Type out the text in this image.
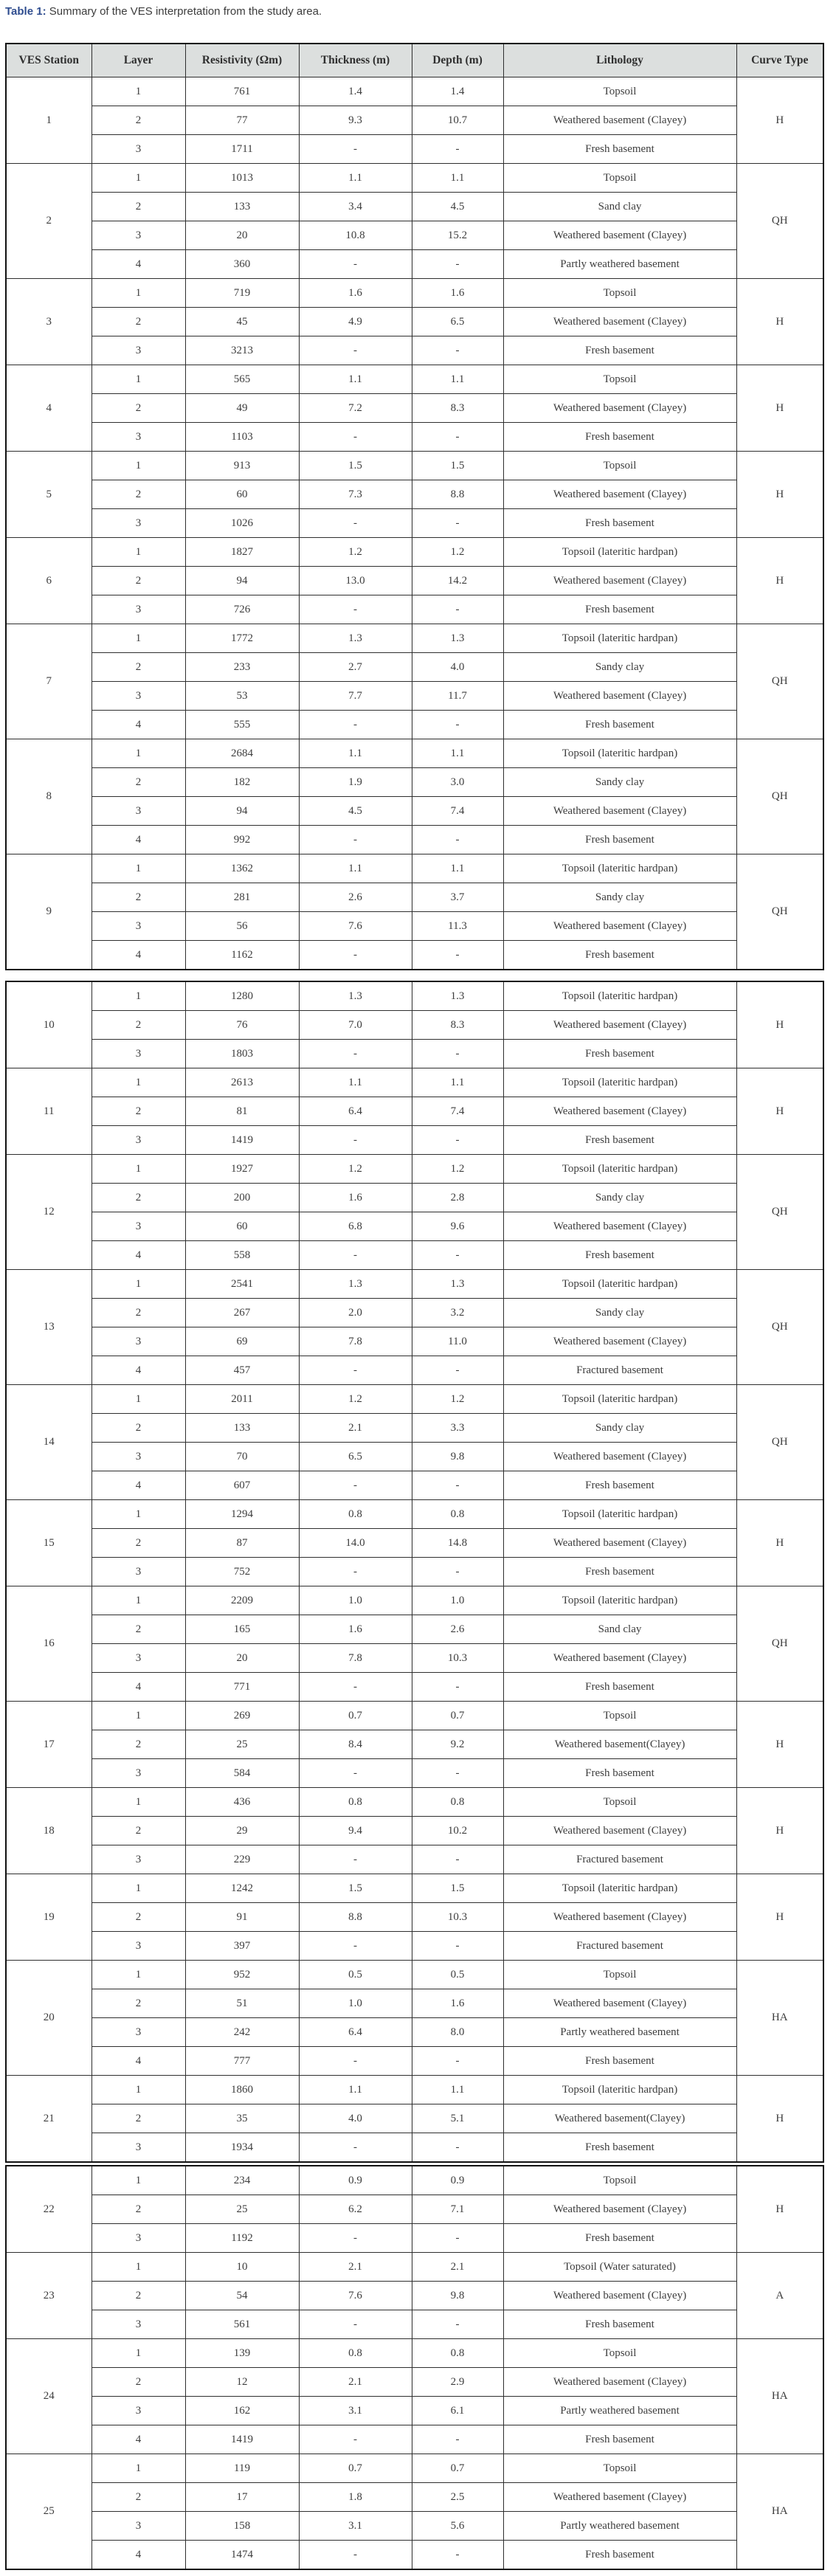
Table 1: Summary of the VES interpretation from the study area.

VES Station	Layer	Resistivity (Ωm)	Thickness (m)	Depth (m)	Lithology	Curve Type
1	1	761	1.4	1.4	Topsoil	H
	2	77	9.3	10.7	Weathered basement (Clayey)	
	3	1711	-	-	Fresh basement	
2	1	1013	1.1	1.1	Topsoil	QH
	2	133	3.4	4.5	Sand clay	
	3	20	10.8	15.2	Weathered basement (Clayey)	
	4	360	-	-	Partly weathered basement	
3	1	719	1.6	1.6	Topsoil	H
	2	45	4.9	6.5	Weathered basement (Clayey)	
	3	3213	-	-	Fresh basement	
4	1	565	1.1	1.1	Topsoil	H
	2	49	7.2	8.3	Weathered basement (Clayey)	
	3	1103	-	-	Fresh basement	
5	1	913	1.5	1.5	Topsoil	H
	2	60	7.3	8.8	Weathered basement (Clayey)	
	3	1026	-	-	Fresh basement	
6	1	1827	1.2	1.2	Topsoil (lateritic hardpan)	H
	2	94	13.0	14.2	Weathered basement (Clayey)	
	3	726	-	-	Fresh basement	
7	1	1772	1.3	1.3	Topsoil (lateritic hardpan)	QH
	2	233	2.7	4.0	Sandy clay	
	3	53	7.7	11.7	Weathered basement (Clayey)	
	4	555	-	-	Fresh basement	
8	1	2684	1.1	1.1	Topsoil (lateritic hardpan)	QH
	2	182	1.9	3.0	Sandy clay	
	3	94	4.5	7.4	Weathered basement (Clayey)	
	4	992	-	-	Fresh basement	
9	1	1362	1.1	1.1	Topsoil (lateritic hardpan)	QH
	2	281	2.6	3.7	Sandy clay	
	3	56	7.6	11.3	Weathered basement (Clayey)	
	4	1162	-	-	Fresh basement	
10	1	1280	1.3	1.3	Topsoil (lateritic hardpan)	H
	2	76	7.0	8.3	Weathered basement (Clayey)	
	3	1803	-	-	Fresh basement	
11	1	2613	1.1	1.1	Topsoil (lateritic hardpan)	H
	2	81	6.4	7.4	Weathered basement (Clayey)	
	3	1419	-	-	Fresh basement	
12	1	1927	1.2	1.2	Topsoil (lateritic hardpan)	QH
	2	200	1.6	2.8	Sandy clay	
	3	60	6.8	9.6	Weathered basement (Clayey)	
	4	558	-	-	Fresh basement	
13	1	2541	1.3	1.3	Topsoil (lateritic hardpan)	QH
	2	267	2.0	3.2	Sandy clay	
	3	69	7.8	11.0	Weathered basement (Clayey)	
	4	457	-	-	Fractured basement	
14	1	2011	1.2	1.2	Topsoil (lateritic hardpan)	QH
	2	133	2.1	3.3	Sandy clay	
	3	70	6.5	9.8	Weathered basement (Clayey)	
	4	607	-	-	Fresh basement	
15	1	1294	0.8	0.8	Topsoil (lateritic hardpan)	H
	2	87	14.0	14.8	Weathered basement (Clayey)	
	3	752	-	-	Fresh basement	
16	1	2209	1.0	1.0	Topsoil (lateritic hardpan)	QH
	2	165	1.6	2.6	Sand clay	
	3	20	7.8	10.3	Weathered basement (Clayey)	
	4	771	-	-	Fresh basement	
17	1	269	0.7	0.7	Topsoil	H
	2	25	8.4	9.2	Weathered basement(Clayey)	
	3	584	-	-	Fresh basement	
18	1	436	0.8	0.8	Topsoil	H
	2	29	9.4	10.2	Weathered basement (Clayey)	
	3	229	-	-	Fractured basement	
19	1	1242	1.5	1.5	Topsoil (lateritic hardpan)	H
	2	91	8.8	10.3	Weathered basement (Clayey)	
	3	397	-	-	Fractured basement	
20	1	952	0.5	0.5	Topsoil	HA
	2	51	1.0	1.6	Weathered basement (Clayey)	
	3	242	6.4	8.0	Partly weathered basement	
	4	777	-	-	Fresh basement	
21	1	1860	1.1	1.1	Topsoil (lateritic hardpan)	H
	2	35	4.0	5.1	Weathered basement(Clayey)	
	3	1934	-	-	Fresh basement	
22	1	234	0.9	0.9	Topsoil	H
	2	25	6.2	7.1	Weathered basement (Clayey)	
	3	1192	-	-	Fresh basement	
23	1	10	2.1	2.1	Topsoil (Water saturated)	A
	2	54	7.6	9.8	Weathered basement (Clayey)	
	3	561	-	-	Fresh basement	
24	1	139	0.8	0.8	Topsoil	HA
	2	12	2.1	2.9	Weathered basement (Clayey)	
	3	162	3.1	6.1	Partly weathered basement	
	4	1419	-	-	Fresh basement	
25	1	119	0.7	0.7	Topsoil	HA
	2	17	1.8	2.5	Weathered basement (Clayey)	
	3	158	3.1	5.6	Partly weathered basement	
	4	1474	-	-	Fresh basement	
